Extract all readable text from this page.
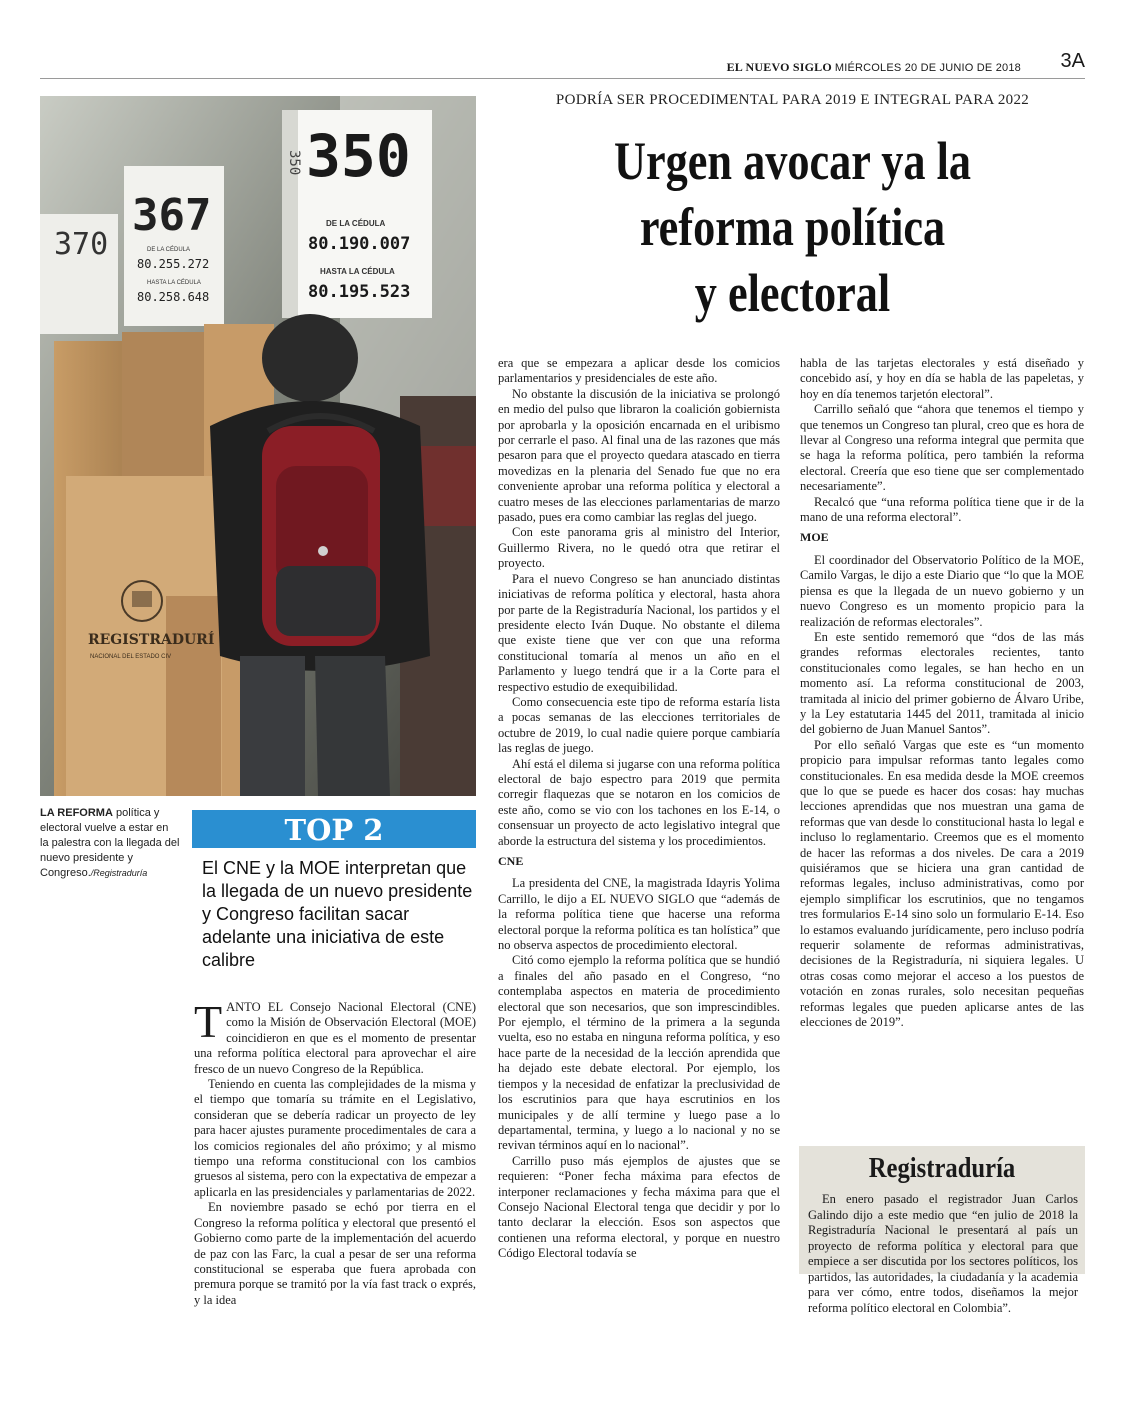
EL NUEVO SIGLO MIÉRCOLES 20 DE JUNIO DE 2018 3A
370
367
DE LA CÉDULA
80.255.272
HASTA LA CÉDULA
80.258.648
350 350
DE LA CÉDULA
80.190.007
HASTA LA CÉDULA
80.195.523
REGISTRADURÍ
NACIONAL DEL ESTADO CIV
LA REFORMA política y electoral vuelve a estar en la palestra con la llegada del nuevo presidente y Congreso./Registraduría
PODRÍA SER PROCEDIMENTAL PARA 2019 E INTEGRAL PARA 2022
Urgen avocar ya la
reforma política
y electoral
TOP 2
El CNE y la MOE interpretan que la llegada de un nuevo presidente y Congreso facilitan sacar adelante una iniciativa de este calibre

TANTO EL Consejo Nacional Electoral (CNE) como la Misión de Observación Electoral (MOE) coincidieron en que es el momento de presentar una reforma política electoral para aprovechar el aire fresco de un nuevo Congreso de la República.

Teniendo en cuenta las complejidades de la misma y el tiempo que tomaría su trámite en el Legislativo, consideran que se debería radicar un proyecto de ley para hacer ajustes puramente procedimentales de cara a los comicios regionales del año próximo; y al mismo tiempo una reforma constitucional con los cambios gruesos al sistema, pero con la expectativa de empezar a aplicarla en las presidenciales y parlamentarias de 2022.

En noviembre pasado se echó por tierra en el Congreso la reforma política y electoral que presentó el Gobierno como parte de la implementación del acuerdo de paz con las Farc, la cual a pesar de ser una reforma constitucional se esperaba que fuera aprobada con premura porque se tramitó por la vía fast track o exprés, y la idea

era que se empezara a aplicar desde los comicios parlamentarios y presidenciales de este año.

No obstante la discusión de la iniciativa se prolongó en medio del pulso que libraron la coalición gobiernista por aprobarla y la oposición encarnada en el uribismo por cerrarle el paso. Al final una de las razones que más pesaron para que el proyecto quedara atascado en tierra movedizas en la plenaria del Senado fue que no era conveniente aprobar una reforma política y electoral a cuatro meses de las elecciones parlamentarias de marzo pasado, pues era como cambiar las reglas del juego.

Con este panorama gris al ministro del Interior, Guillermo Rivera, no le quedó otra que retirar el proyecto.

Para el nuevo Congreso se han anunciado distintas iniciativas de reforma política y electoral, hasta ahora por parte de la Registraduría Nacional, los partidos y el presidente electo Iván Duque. No obstante el dilema que existe tiene que ver con que una reforma constitucional tomaría al menos un año en el Parlamento y luego tendrá que ir a la Corte para el respectivo estudio de exequibilidad.

Como consecuencia este tipo de reforma estaría lista a pocas semanas de las elecciones territoriales de octubre de 2019, lo cual nadie quiere porque cambiaría las reglas de juego.

Ahí está el dilema si jugarse con una reforma política electoral de bajo espectro para 2019 que permita corregir flaquezas que se notaron en los comicios de este año, como se vio con los tachones en los E-14, o consensuar un proyecto de acto legislativo integral que aborde la estructura del sistema y los procedimientos.

CNE

La presidenta del CNE, la magistrada Idayris Yolima Carrillo, le dijo a EL NUEVO SIGLO que “además de la reforma política tiene que hacerse una reforma electoral porque la reforma política es tan holística” que no observa aspectos de procedimiento electoral.

Citó como ejemplo la reforma política que se hundió a finales del año pasado en el Congreso, “no contemplaba aspectos en materia de procedimiento electoral que son necesarios, que son imprescindibles. Por ejemplo, el término de la primera a la segunda vuelta, eso no estaba en ninguna reforma política, y eso hace parte de la necesidad de la lección aprendida que ha dejado este debate electoral. Por ejemplo, los tiempos y la necesidad de enfatizar la preclusividad de los escrutinios para que haya escrutinios en los municipales y de allí termine y luego pase a lo departamental, termina, y luego a lo nacional y no se revivan términos aquí en lo nacional”.

Carrillo puso más ejemplos de ajustes que se requieren: “Poner fecha máxima para efectos de interponer reclamaciones y fecha máxima para que el Consejo Nacional Electoral tenga que decidir y por lo tanto declarar la elección. Esos son aspectos que contienen una reforma electoral, y porque en nuestro Código Electoral todavía se

habla de las tarjetas electorales y está diseñado y concebido así, y hoy en día se habla de las papeletas, y hoy en día tenemos tarjetón electoral”.

Carrillo señaló que “ahora que tenemos el tiempo y que tenemos un Congreso tan plural, creo que es hora de llevar al Congreso una reforma integral que permita que se haga la reforma política, pero también la reforma electoral. Creería que eso tiene que ser complementado necesariamente”.

Recalcó que “una reforma política tiene que ir de la mano de una reforma electoral”.

MOE

El coordinador del Observatorio Político de la MOE, Camilo Vargas, le dijo a este Diario que “lo que la MOE piensa es que la llegada de un nuevo gobierno y un nuevo Congreso es un momento propicio para la realización de reformas electorales”.

En este sentido rememoró que “dos de las más grandes reformas electorales recientes, tanto constitucionales como legales, se han hecho en un momento así. La reforma constitucional de 2003, tramitada al inicio del primer gobierno de Álvaro Uribe, y la Ley estatutaria 1445 del 2011, tramitada al inicio del gobierno de Juan Manuel Santos”.

Por ello señaló Vargas que este es “un momento propicio para impulsar reformas tanto legales como constitucionales. En esa medida desde la MOE creemos que lo que se puede es hacer dos cosas: hay muchas lecciones aprendidas que nos muestran una gama de reformas que van desde lo constitucional hasta lo legal e incluso lo reglamentario. Creemos que es el momento de hacer las reformas a dos niveles. De cara a 2019 quisiéramos que se hiciera una gran cantidad de reformas legales, incluso administrativas, como por ejemplo simplificar los escrutinios, que no tengamos tres formularios E-14 sino solo un formulario E-14. Eso lo estamos evaluando jurídicamente, pero incluso podría requerir solamente de reformas administrativas, decisiones de la Registraduría, ni siquiera legales. U otras cosas como mejorar el acceso a los puestos de votación en zonas rurales, solo necesitan pequeñas reformas legales que pueden aplicarse antes de las elecciones de 2019”.

Registraduría
En enero pasado el registrador Juan Carlos Galindo dijo a este medio que “en julio de 2018 la Registraduría Nacional le presentará al país un proyecto de reforma política y electoral para que empiece a ser discutida por los sectores políticos, los partidos, las autoridades, la ciudadanía y la academia para ver cómo, entre todos, diseñamos la mejor reforma político electoral en Colombia”.
